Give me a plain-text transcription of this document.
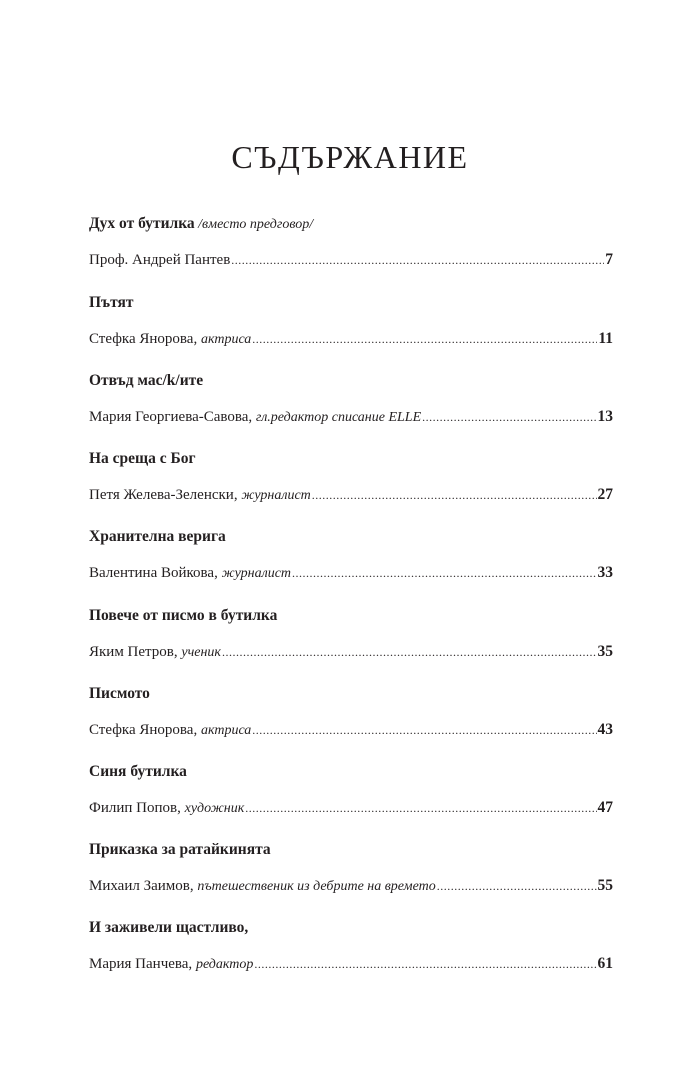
СЪДЪРЖАНИЕ
Дух от бутилка /вместо предговор/
Проф. Андрей Пантев .....	7
Пътят
Стефка Янорова, актриса .....	11
Отвъд мас/k/ите
Мария Георгиева-Савова, гл.редактор списание ELLE .....	13
На среща с Бог
Петя Желева-Зеленски, журналист .....	27
Хранителна верига
Валентина Войкова, журналист .....	33
Повече от писмо в бутилка
Яким Петров, ученик .....	35
Писмото
Стефка Янорова, актриса .....	43
Синя бутилка
Филип Попов, художник .....	47
Приказка за ратайкинята
Михаил Заимов, пътешественик из дебрите на времето .....	55
И заживели щастливо,
Мария Панчева, редактор .....	61
